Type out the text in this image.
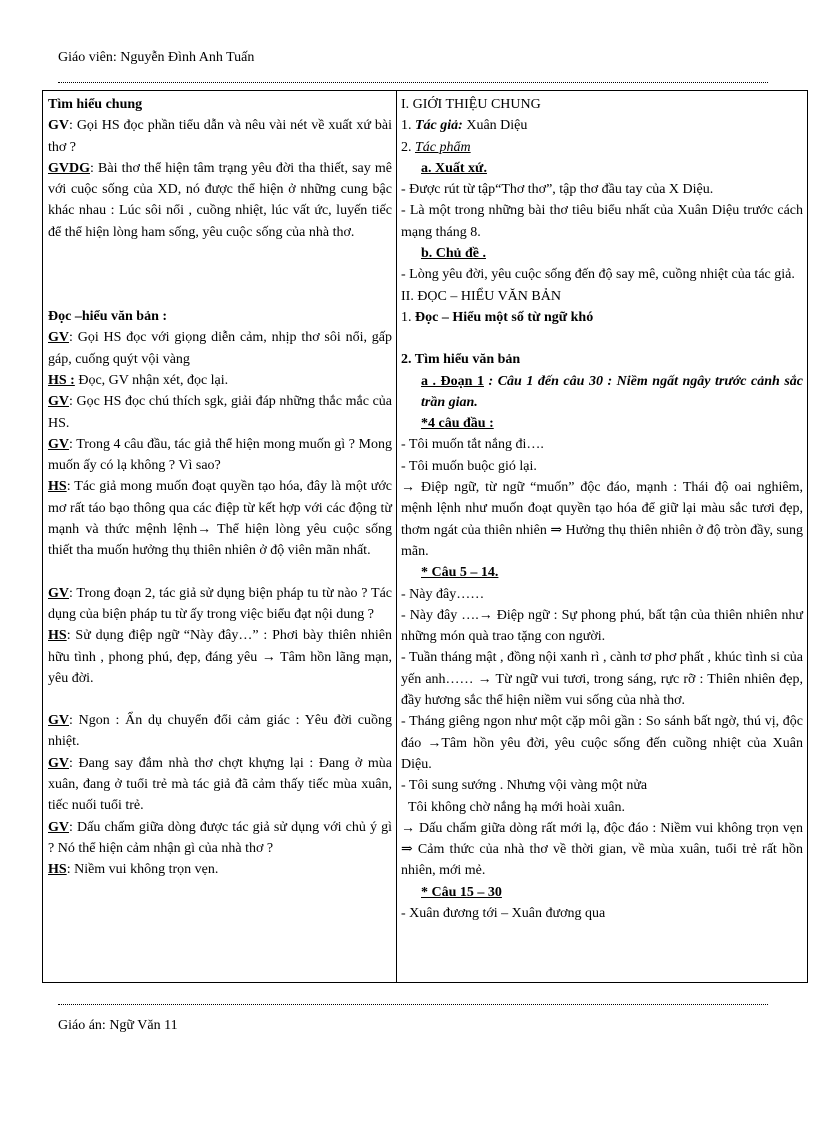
Giáo viên: Nguyễn Đình Anh Tuấn

Tìm hiểu chung

GV: Gọi HS đọc phần tiểu dẫn và nêu vài nét về xuất xứ bài thơ ?

GVDG: Bài thơ thể hiện tâm trạng yêu đời tha thiết, say mê với cuộc sống của XD, nó được thể hiện ở những cung bậc khác nhau : Lúc sôi nổi , cuồng nhiệt, lúc vất ức, luyến tiếc để thể hiện lòng ham sống, yêu cuộc sống của nhà thơ.

Đọc –hiểu văn bản :

GV: Gọi HS đọc với giọng diễn cảm, nhịp thơ sôi nổi, gấp gáp, cuống quýt vội vàng

HS : Đọc, GV nhận xét, đọc lại.

GV: Gọc HS đọc chú thích sgk, giải đáp những thắc mắc của HS.

GV: Trong 4 câu đầu, tác giả thể hiện mong muốn gì ? Mong muốn ấy có lạ không ? Vì sao?

HS: Tác giả mong muốn đoạt quyền tạo hóa, đây là một ước mơ rất táo bạo thông qua các điệp từ kết hợp với các động từ mạnh và thức mệnh lệnh→ Thể hiện lòng yêu cuộc sống thiết tha muốn hưởng thụ thiên nhiên ở độ viên mãn nhất.

GV: Trong đoạn 2, tác giả sử dụng biện pháp tu từ nào ? Tác dụng của biện pháp tu từ ấy trong việc biểu đạt nội dung ?

HS: Sử dụng điệp ngữ “Này đây…” : Phơi bày thiên nhiên hữu tình , phong phú, đẹp, đáng yêu → Tâm hồn lãng mạn, yêu đời.

GV: Ngon : Ẩn dụ chuyển đổi cảm giác : Yêu đời cuồng nhiệt.

GV: Đang say đắm nhà thơ chợt khựng lại : Đang ở mùa xuân, đang ở tuổi trẻ mà tác giả đã cảm thấy tiếc mùa xuân, tiếc nuối tuổi trẻ.

GV: Dấu chấm giữa dòng được tác giả sử dụng với chủ ý gì ? Nó thể hiện cảm nhận gì của nhà thơ ?

HS: Niềm vui không trọn vẹn.

I. GIỚI THIỆU CHUNG

1. Tác giả: Xuân Diệu

2. Tác phẩm

a. Xuất xứ.

- Được rút từ tập“Thơ thơ”, tập thơ đầu tay của X Diệu.

- Là một trong những bài thơ tiêu biểu nhất của Xuân Diệu trước cách mạng tháng 8.

b. Chủ đề .

- Lòng yêu đời, yêu cuộc sống đến độ say mê, cuồng nhiệt của tác giả.

II. ĐỌC – HIỂU VĂN BẢN

1. Đọc – Hiểu một số từ ngữ khó

2. Tìm hiểu văn bản

a . Đoạn 1 : Câu 1 đến câu 30 : Niềm ngất ngây trước cảnh sắc trần gian.

*4 câu đầu :

- Tôi muốn tắt nắng đi….

- Tôi muốn buộc gió lại.

→ Điệp ngữ, từ ngữ “muốn” độc đáo, mạnh : Thái độ oai nghiêm, mệnh lệnh như muốn đoạt quyền tạo hóa để giữ lại màu sắc tươi đẹp, thơm ngát của thiên nhiên ⇒ Hưởng thụ thiên nhiên ở độ tròn đầy, sung mãn.

* Câu 5 – 14.

- Này đây……

- Này đây ….→ Điệp ngữ : Sự phong phú, bất tận của thiên nhiên như những món quà trao tặng con người.

- Tuần tháng mật , đồng nội xanh rì , cành tơ phơ phất , khúc tình si của yến anh…… → Từ ngữ vui tươi, trong sáng, rực rỡ : Thiên nhiên đẹp, đầy hương sắc thể hiện niềm vui sống của nhà thơ.

- Tháng giêng ngon như một cặp môi gần : So sánh bất ngờ, thú vị, độc đáo →Tâm hồn yêu đời, yêu cuộc sống đến cuồng nhiệt của Xuân Diệu.

- Tôi sung sướng . Nhưng vội vàng một nửa

Tôi không chờ nắng hạ mới hoài xuân.

→ Dấu chấm giữa dòng rất mới lạ, độc đáo : Niềm vui không trọn vẹn ⇒ Cảm thức của nhà thơ về thời gian, về mùa xuân, tuổi trẻ rất hồn nhiên, mới mẻ.

* Câu 15 – 30

- Xuân đương tới – Xuân đương qua

Giáo án: Ngữ Văn 11
